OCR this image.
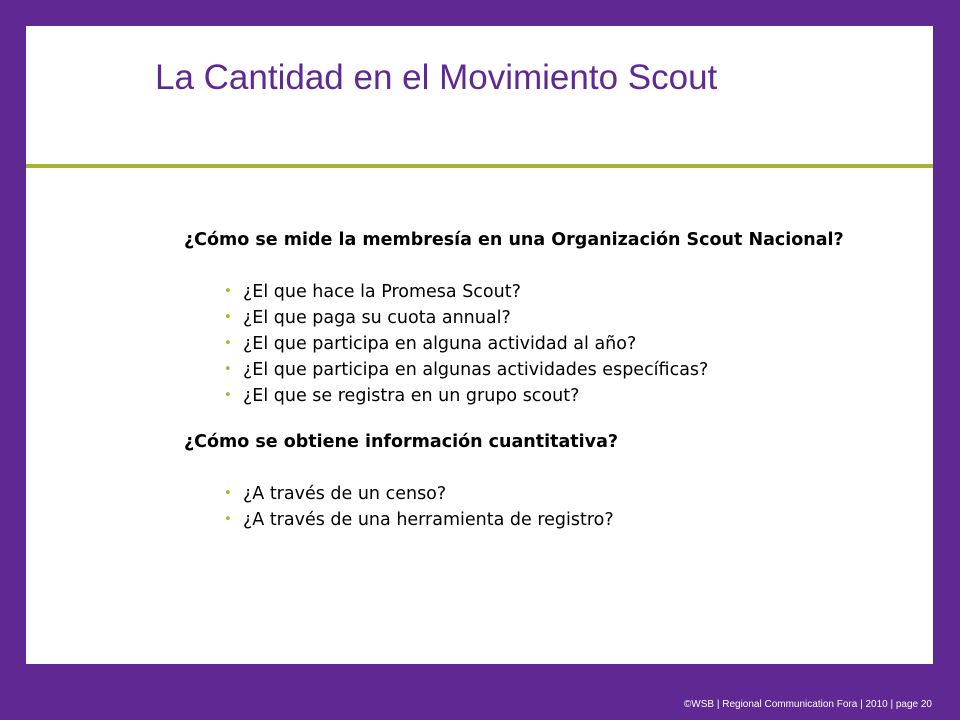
La Cantidad en el Movimiento Scout
¿Cómo se mide la membresía en una Organización Scout Nacional?
• ¿El que hace la Promesa Scout?
• ¿El que paga su cuota annual?
• ¿El que participa en alguna actividad al año?
• ¿El que participa en algunas actividades específicas?
• ¿El que se registra en un grupo scout?
¿Cómo se obtiene información cuantitativa?
• ¿A través de un censo?
• ¿A través de una herramienta de registro?
©WSB | Regional Communication Fora | 2010 | page 20
